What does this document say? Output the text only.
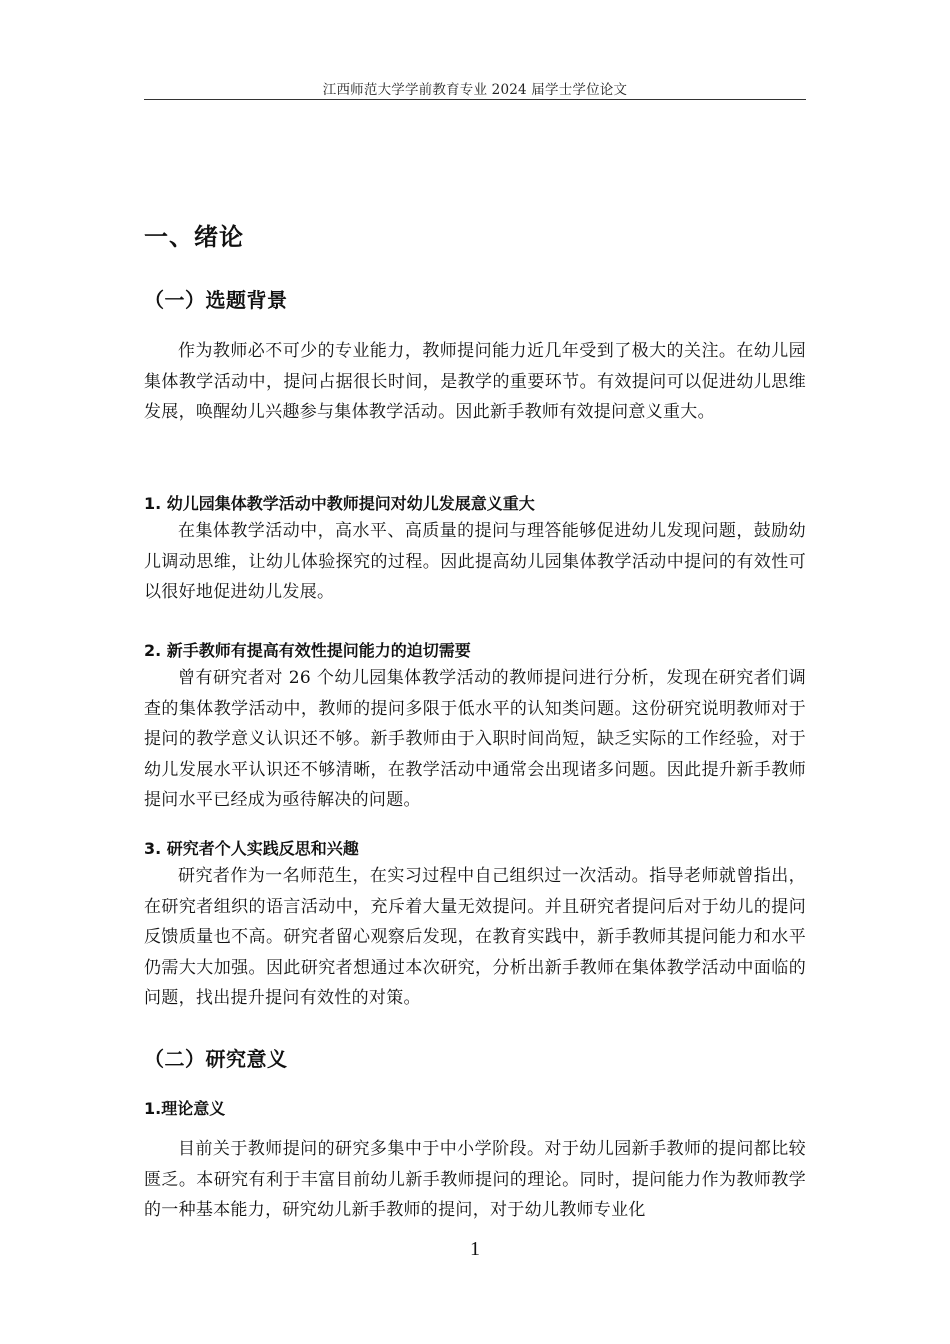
江西师范大学学前教育专业 2024 届学士学位论文
一、绪论
（一）选题背景

作为教师必不可少的专业能力，教师提问能力近几年受到了极大的关注。在幼儿园集体教学活动中，提问占据很长时间，是教学的重要环节。有效提问可以促进幼儿思维发展，唤醒幼儿兴趣参与集体教学活动。因此新手教师有效提问意义重大。

1. 幼儿园集体教学活动中教师提问对幼儿发展意义重大

在集体教学活动中，高水平、高质量的提问与理答能够促进幼儿发现问题，鼓励幼儿调动思维，让幼儿体验探究的过程。因此提高幼儿园集体教学活动中提问的有效性可以很好地促进幼儿发展。

2. 新手教师有提高有效性提问能力的迫切需要

曾有研究者对 26 个幼儿园集体教学活动的教师提问进行分析，发现在研究者们调查的集体教学活动中，教师的提问多限于低水平的认知类问题。这份研究说明教师对于提问的教学意义认识还不够。新手教师由于入职时间尚短，缺乏实际的工作经验，对于幼儿发展水平认识还不够清晰，在教学活动中通常会出现诸多问题。因此提升新手教师提问水平已经成为亟待解决的问题。

3. 研究者个人实践反思和兴趣

研究者作为一名师范生，在实习过程中自己组织过一次活动。指导老师就曾指出，在研究者组织的语言活动中，充斥着大量无效提问。并且研究者提问后对于幼儿的提问反馈质量也不高。研究者留心观察后发现，在教育实践中，新手教师其提问能力和水平仍需大大加强。因此研究者想通过本次研究，分析出新手教师在集体教学活动中面临的问题，找出提升提问有效性的对策。

（二）研究意义
1.理论意义

目前关于教师提问的研究多集中于中小学阶段。对于幼儿园新手教师的提问都比较匮乏。本研究有利于丰富目前幼儿新手教师提问的理论。同时，提问能力作为教师教学的一种基本能力，研究幼儿新手教师的提问，对于幼儿教师专业化

1
